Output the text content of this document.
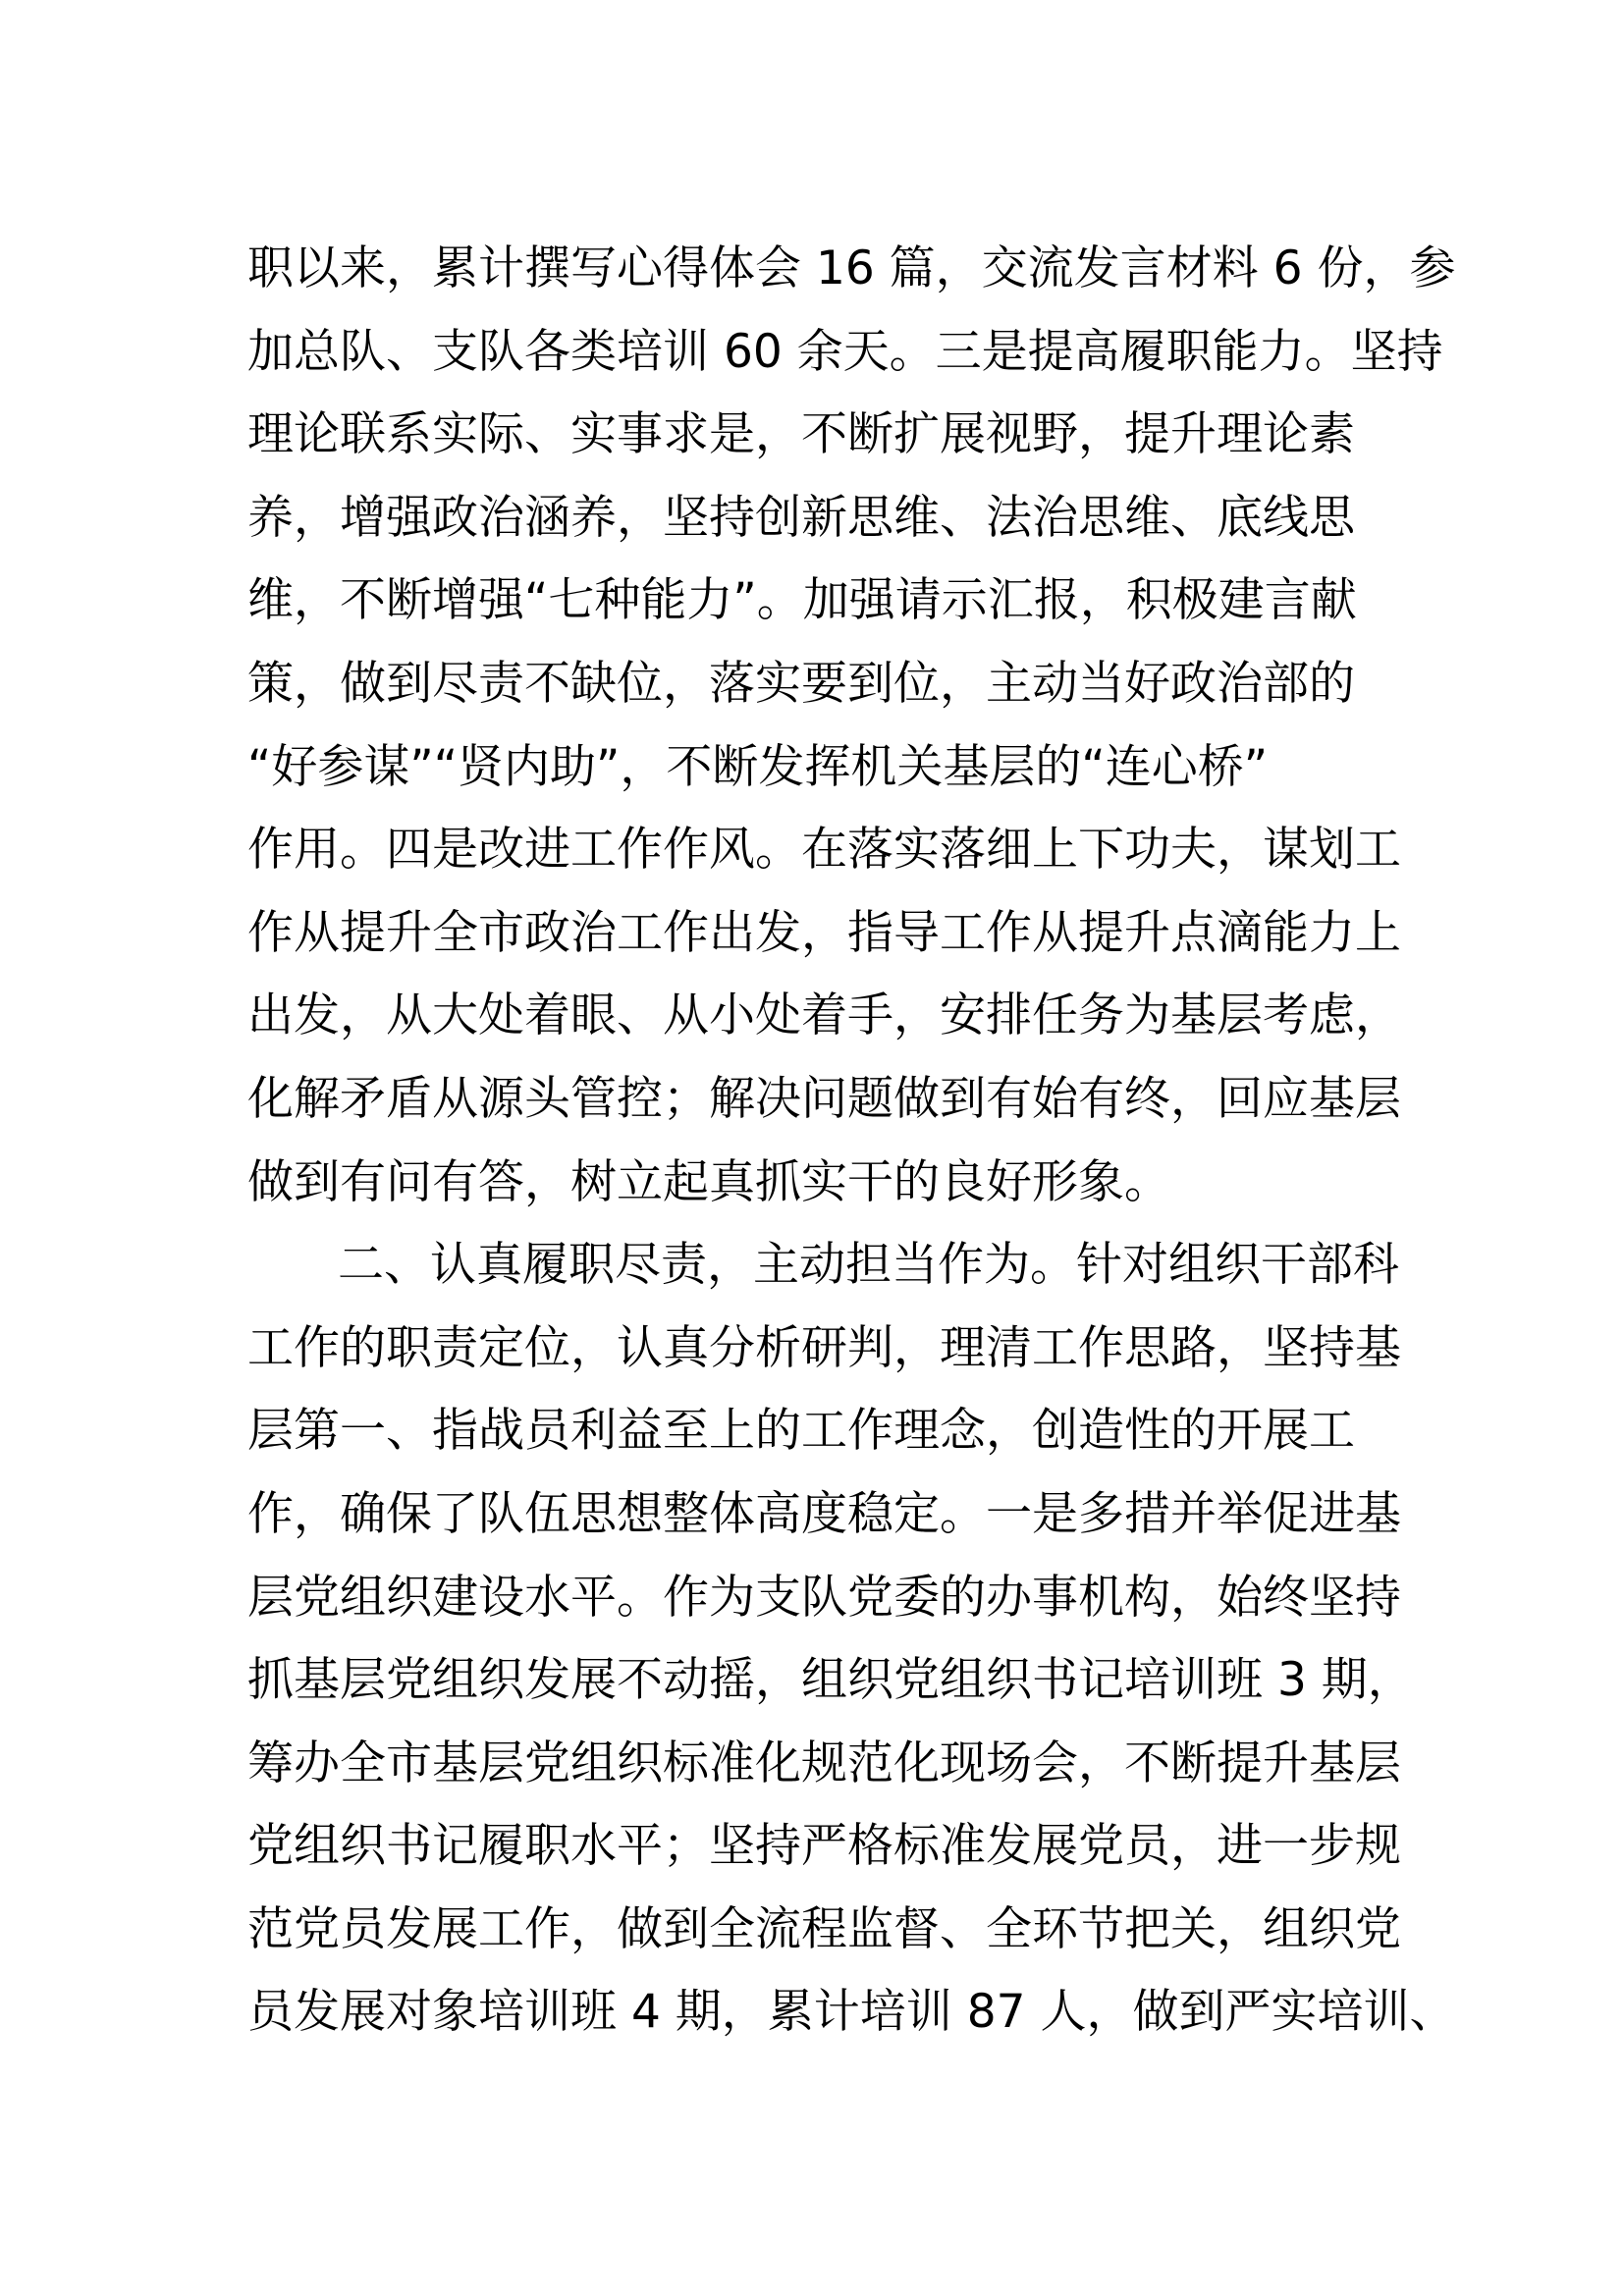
职以来，累计撰写心得体会 16 篇，交流发言材料 6 份，参
加总队、支队各类培训 60 余天。三是提高履职能力。坚持
理论联系实际、实事求是，不断扩展视野，提升理论素
养，增强政治涵养，坚持创新思维、法治思维、底线思
维，不断增强“七种能力”。加强请示汇报，积极建言献
策，做到尽责不缺位，落实要到位，主动当好政治部的
“好参谋”“贤内助”，不断发挥机关基层的“连心桥”
作用。四是改进工作作风。在落实落细上下功夫，谋划工
作从提升全市政治工作出发，指导工作从提升点滴能力上
出发，从大处着眼、从小处着手，安排任务为基层考虑，
化解矛盾从源头管控；解决问题做到有始有终，回应基层
做到有问有答，树立起真抓实干的良好形象。
二、认真履职尽责，主动担当作为。针对组织干部科
工作的职责定位，认真分析研判，理清工作思路，坚持基
层第一、指战员利益至上的工作理念，创造性的开展工
作，确保了队伍思想整体高度稳定。一是多措并举促进基
层党组织建设水平。作为支队党委的办事机构，始终坚持
抓基层党组织发展不动摇，组织党组织书记培训班 3 期，
筹办全市基层党组织标准化规范化现场会，不断提升基层
党组织书记履职水平；坚持严格标准发展党员，进一步规
范党员发展工作，做到全流程监督、全环节把关，组织党
员发展对象培训班 4 期，累计培训 87 人，做到严实培训、
